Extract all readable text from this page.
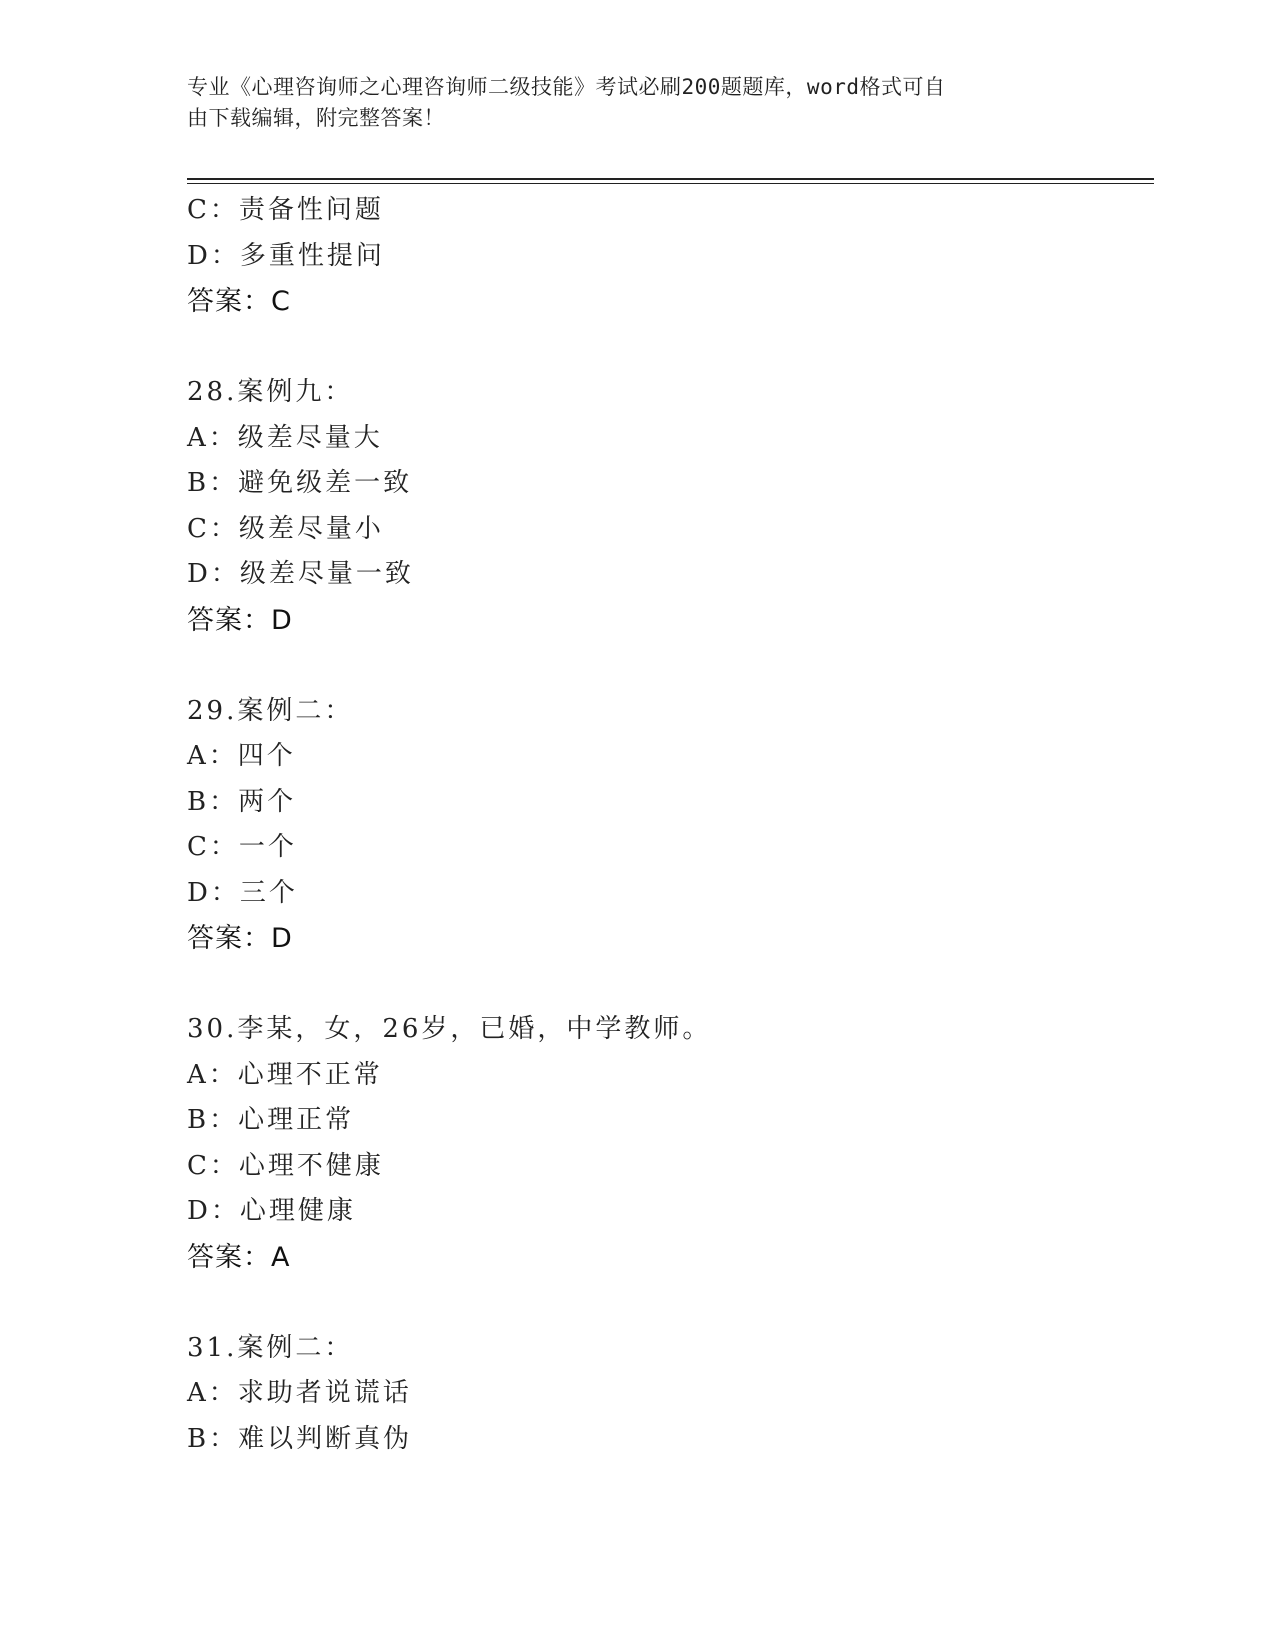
专业《心理咨询师之心理咨询师二级技能》考试必刷200题题库，word格式可自
由下载编辑，附完整答案！
C：责备性问题
D：多重性提问
答案：C
28.案例九：
A：级差尽量大
B：避免级差一致
C：级差尽量小
D：级差尽量一致
答案：D
29.案例二：
A：四个
B：两个
C：一个
D：三个
答案：D
30.李某，女，26岁，已婚，中学教师。
A：心理不正常
B：心理正常
C：心理不健康
D：心理健康
答案：A
31.案例二：
A：求助者说谎话
B：难以判断真伪
